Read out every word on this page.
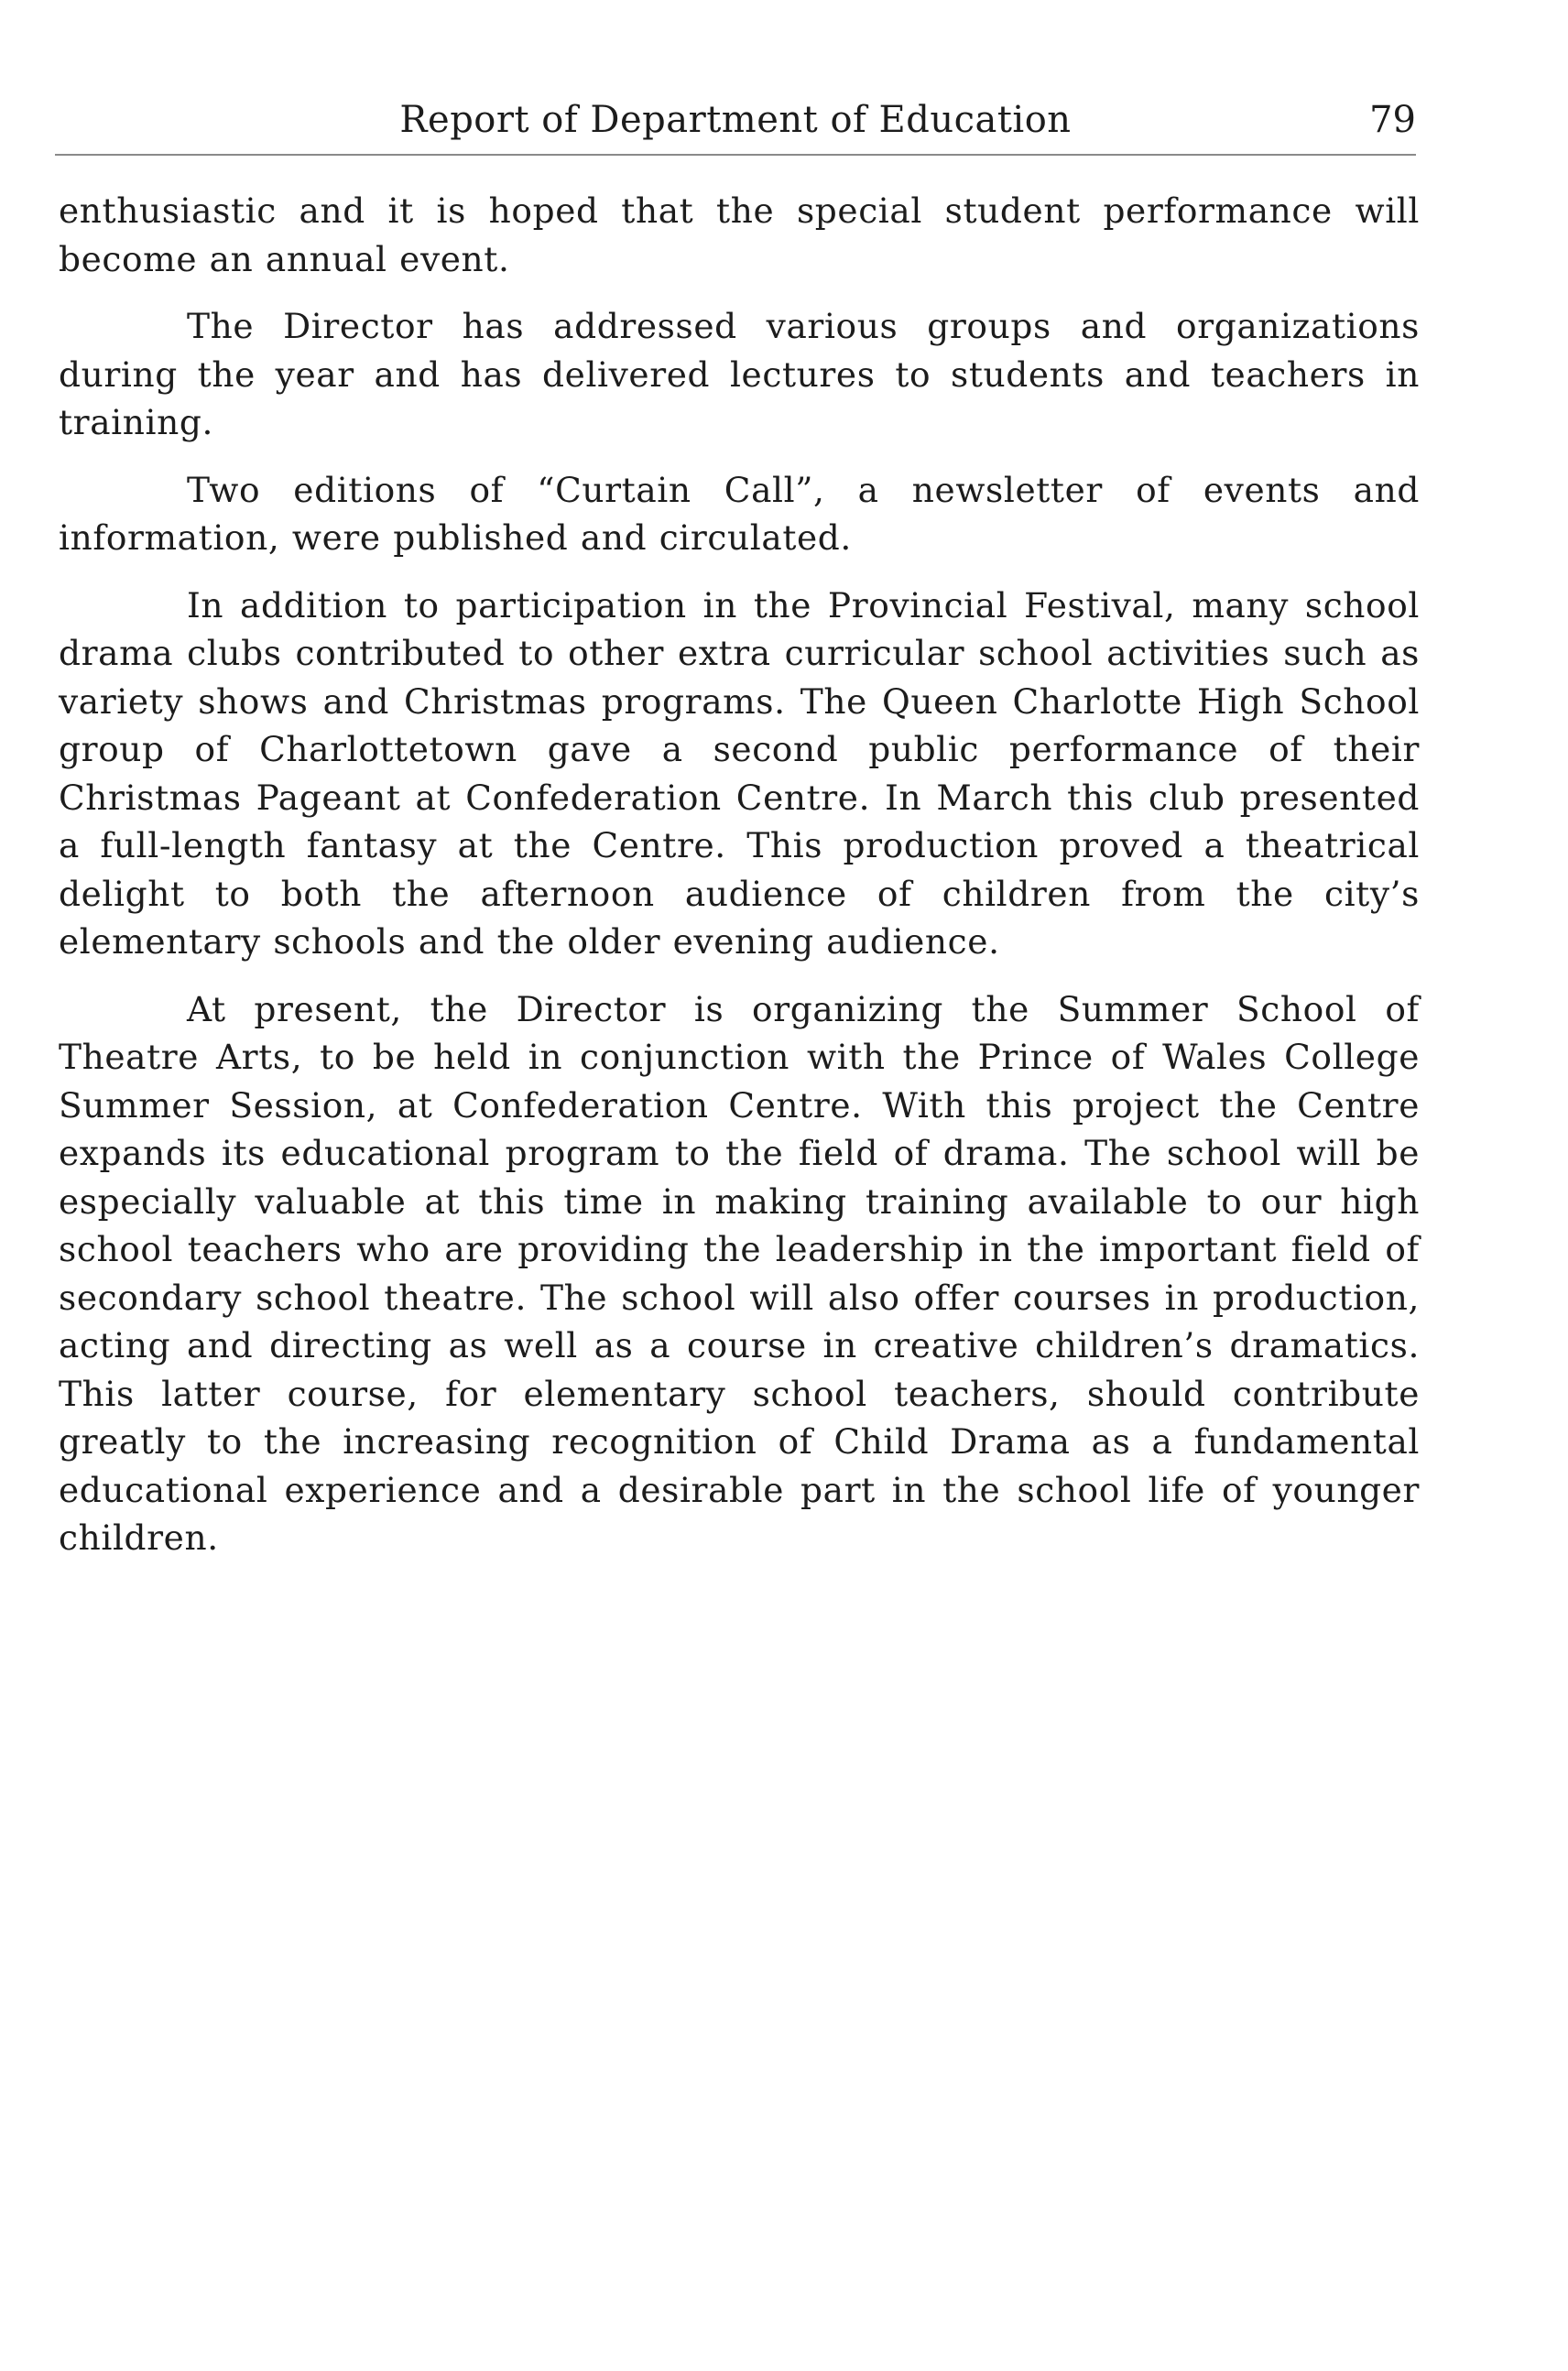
Report of Department of Education	79

enthusiastic and it is hoped that the special student performance will become an annual event.

The Director has addressed various groups and organizations during the year and has delivered lectures to students and teachers in training.

Two editions of “Curtain Call”, a newsletter of events and information, were published and circulated.

In addition to participation in the Provincial Festival, many school drama clubs contributed to other extra curricular school activities such as variety shows and Christmas programs. The Queen Charlotte High School group of Charlottetown gave a second public performance of their Christmas Pageant at Confederation Centre. In March this club presented a full-length fantasy at the Centre. This production proved a theatrical delight to both the afternoon audience of children from the city’s elementary schools and the older evening audience.

At present, the Director is organizing the Summer School of Theatre Arts, to be held in conjunction with the Prince of Wales College Summer Session, at Confederation Centre. With this project the Centre expands its educational program to the field of drama. The school will be especially valuable at this time in making training available to our high school teachers who are providing the leadership in the important field of secondary school theatre. The school will also offer courses in production, acting and directing as well as a course in creative children’s dramatics. This latter course, for elementary school teachers, should contribute greatly to the increasing recognition of Child Drama as a fundamental educational experience and a desirable part in the school life of younger children.
